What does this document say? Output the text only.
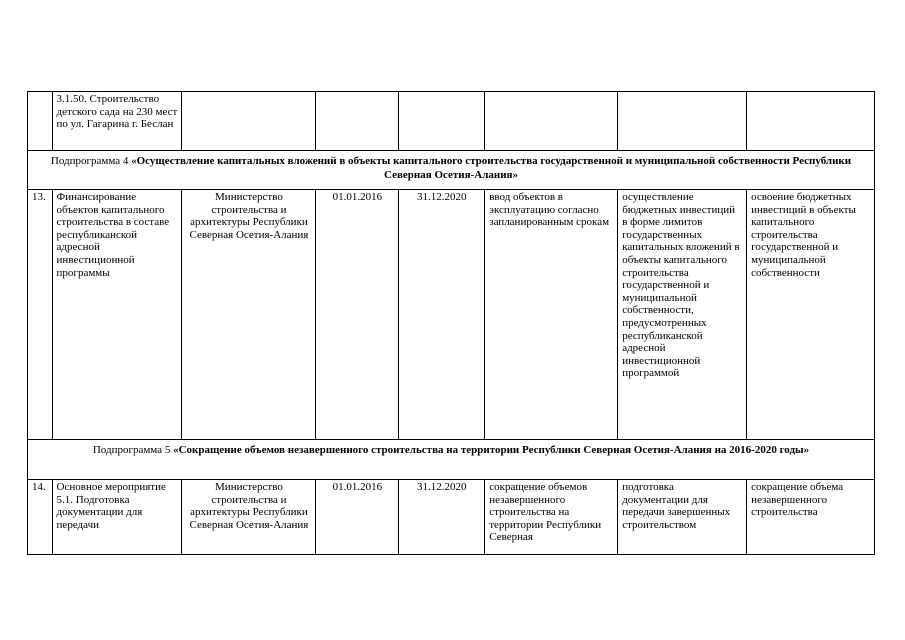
	3.1.50. Строительство детского сада на 230 мест по ул. Гагарина г. Беслан						
Подпрограмма 4 «Осуществление капитальных вложений в объекты капитального строительства государственной и муниципальной собственности Республики Северная Осетия-Алания»							
13.	Финансирование объектов капитального строительства в составе республиканской адресной инвестиционной программы	Министерство строительства и архитектуры Республики Северная Осетия-Алания	01.01.2016	31.12.2020	ввод объектов в эксплуатацию согласно запланированным срокам	осуществление бюджетных инвестиций в форме лимитов государственных капитальных вложений в объекты капитального строительства государственной и муниципальной собственности, предусмотренных республиканской адресной инвестиционной программой	освоение бюджетных инвестиций в объекты капитального строительства государственной и муниципальной собственности
Подпрограмма 5 «Сокращение объемов незавершенного строительства на территории Республики Северная Осетия-Алания на 2016-2020 годы»							
14.	Основное мероприятие 5.1. Подготовка документации для передачи	Министерство строительства и архитектуры Республики Северная Осетия-Алания	01.01.2016	31.12.2020	сокращение объемов незавершенного строительства на территории Республики Северная	подготовка документации для передачи завершенных строительством	сокращение объема незавершенного строительства
